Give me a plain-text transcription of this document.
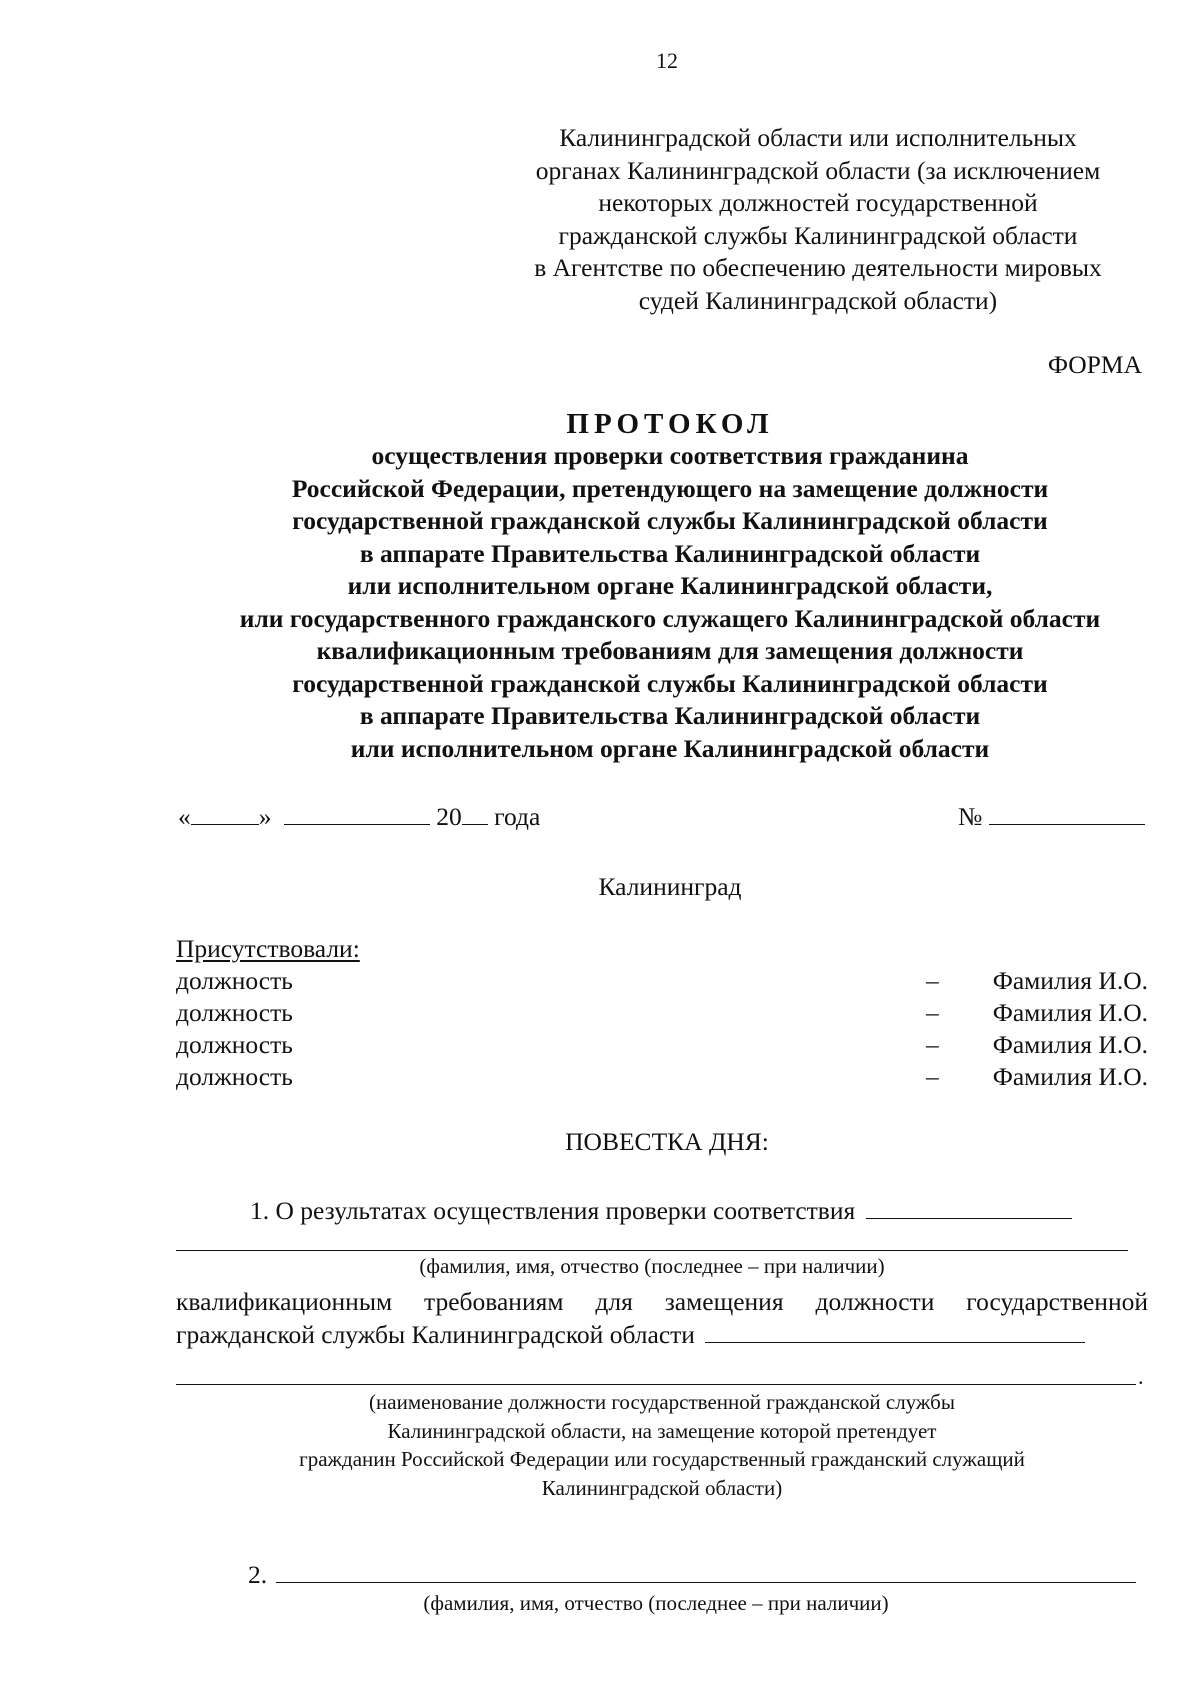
12
Калининградской области или исполнительных
органах Калининградской области (за исключением
некоторых должностей государственной
гражданской службы Калининградской области
в Агентстве по обеспечению деятельности мировых
судей Калининградской области)
ФОРМА
ПРОТОКОЛ
осуществления проверки соответствия гражданина
Российской Федерации, претендующего на замещение должности
государственной гражданской службы Калининградской области
в аппарате Правительства Калининградской области
или исполнительном органе Калининградской области,
или государственного гражданского служащего Калининградской области
квалификационным требованиям для замещения должности
государственной гражданской службы Калининградской области
в аппарате Правительства Калининградской области
или исполнительном органе Калининградской области
«	»	20 года	№
Калининград
Присутствовали:
должность	– Фамилия И.О.
должность	– Фамилия И.О.
должность	– Фамилия И.О.
должность	– Фамилия И.О.
ПОВЕСТКА ДНЯ:
1. О результатах осуществления проверки соответствия
(фамилия, имя, отчество (последнее – при наличии)
квалификационным требованиям для замещения должности государственной
гражданской службы Калининградской области
.
(наименование должности государственной гражданской службы
Калининградской области, на замещение которой претендует
гражданин Российской Федерации или государственный гражданский служащий
Калининградской области)
2.
(фамилия, имя, отчество (последнее – при наличии)
